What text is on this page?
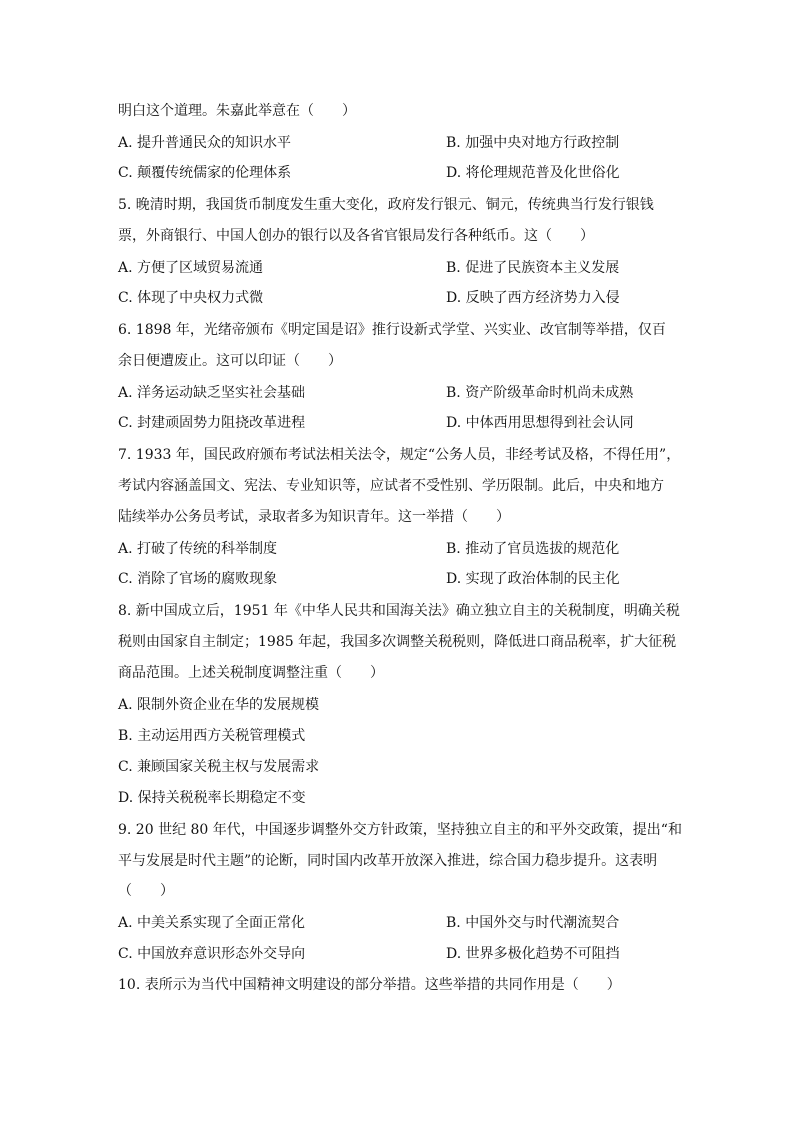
明白这个道理。朱嘉此举意在（　　）
A. 提升普通民众的知识水平	B. 加强中央对地方行政控制
C. 颠覆传统儒家的伦理体系	D. 将伦理规范普及化世俗化
5. 晚清时期，我国货币制度发生重大变化，政府发行银元、铜元，传统典当行发行银钱
票，外商银行、中国人创办的银行以及各省官银局发行各种纸币。这（　　）
A. 方便了区域贸易流通	B. 促进了民族资本主义发展
C. 体现了中央权力式微	D. 反映了西方经济势力入侵
6. 1898 年，光绪帝颁布《明定国是诏》推行设新式学堂、兴实业、改官制等举措，仅百
余日便遭废止。这可以印证（　　）
A. 洋务运动缺乏坚实社会基础	B. 资产阶级革命时机尚未成熟
C. 封建顽固势力阻挠改革进程	D. 中体西用思想得到社会认同
7. 1933 年，国民政府颁布考试法相关法令，规定“公务人员，非经考试及格，不得任用”，
考试内容涵盖国文、宪法、专业知识等，应试者不受性别、学历限制。此后，中央和地方
陆续举办公务员考试，录取者多为知识青年。这一举措（　　）
A. 打破了传统的科举制度	B. 推动了官员选拔的规范化
C. 消除了官场的腐败现象	D. 实现了政治体制的民主化
8. 新中国成立后，1951 年《中华人民共和国海关法》确立独立自主的关税制度，明确关税
税则由国家自主制定；1985 年起，我国多次调整关税税则，降低进口商品税率，扩大征税
商品范围。上述关税制度调整注重（　　）
A. 限制外资企业在华的发展规模
B. 主动运用西方关税管理模式
C. 兼顾国家关税主权与发展需求
D. 保持关税税率长期稳定不变
9. 20 世纪 80 年代，中国逐步调整外交方针政策，坚持独立自主的和平外交政策，提出“和
平与发展是时代主题”的论断，同时国内改革开放深入推进，综合国力稳步提升。这表明
（　　）
A. 中美关系实现了全面正常化	B. 中国外交与时代潮流契合
C. 中国放弃意识形态外交导向	D. 世界多极化趋势不可阻挡
10. 表所示为当代中国精神文明建设的部分举措。这些举措的共同作用是（　　）
